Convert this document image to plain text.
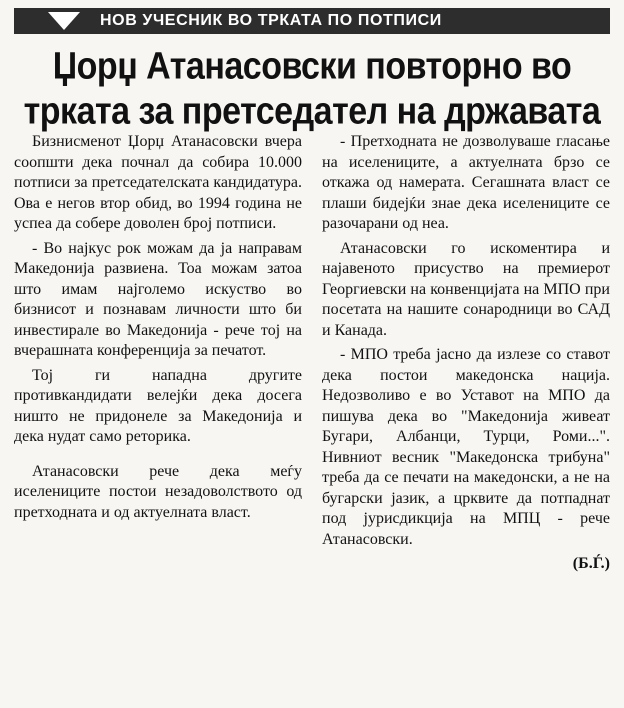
НОВ УЧЕСНИК ВО ТРКАТА ПО ПОТПИСИ
Џорџ Атанасовски повторно во
трката за претседател на државата

Бизнисменот Џорџ Атанасовски вчера соопшти дека почнал да собира 10.000 потписи за претседателската кандидатура. Ова е негов втор обид, во 1994 година не успеа да собере доволен број потписи.

- Во најкус рок можам да ја направам Македонија развиена. Тоа можам затоа што имам најголемо искуство во бизнисот и познавам личности што би инвестирале во Македонија - рече тој на вчерашната конференција за печатот.

Тој ги нападна другите противкандидати велејќи дека досега ништо не придонеле за Македонија и дека нудат само реторика.

Атанасовски рече дека меѓу иселениците постои незадоволството од претходната и од актуелната власт.

- Претходната не дозволуваше гласање на иселениците, а актуелната брзо се откажа од намерата. Сегашната власт се плаши бидејќи знае дека иселениците се разочарани од неа.

Атанасовски го искоментира и најавеното присуство на премиерот Георгиевски на конвенцијата на МПО при посетата на нашите сонародници во САД и Канада.

- МПО треба јасно да излезе со ставот дека постои македонска нација. Недозволиво е во Уставот на МПО да пишува дека во "Македонија живеат Бугари, Албанци, Турци, Роми...". Нивниот весник "Македонска трибуна" треба да се печати на македонски, а не на бугарски јазик, а црквите да потпаднат под јурисдикција на МПЦ - рече Атанасовски.

(Б.Ѓ.)
